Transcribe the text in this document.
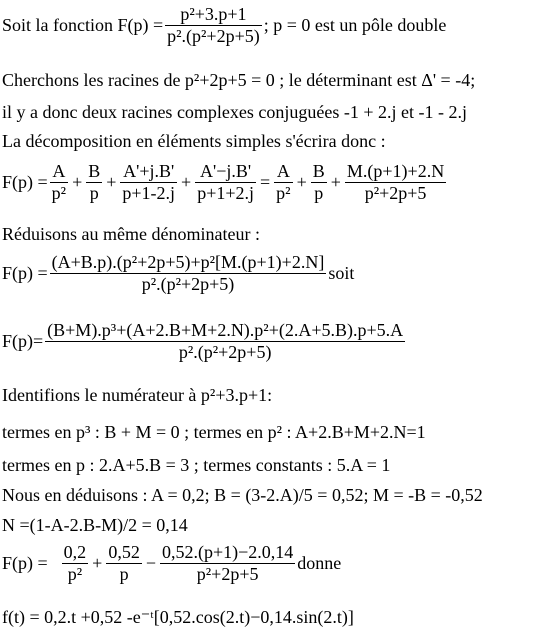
Soit la fonction $F(p) = \frac{\text{p²+3.p+1}}{\text{p².(p²+2p+5)}}$ ; p = 0 est un pôle double
Cherchons les racines de p²+2p+5 = 0 ; le déterminant est Δ' = -4;
il y a donc deux racines complexes conjuguées -1 + 2.j et -1 - 2.j
La décomposition en éléments simples s'écrira donc :
$F(p) = \frac{A}{\text{p²}} + \frac{B}{p} + \frac{A'+j.B'}{p+1-2.j} + \frac{A'-j.B'}{p+1+2.j} = \frac{A}{\text{p²}} + \frac{B}{p} + \frac{M.(p+1)+2.N}{\text{p²+2p+5}}$
Réduisons au même dénominateur :
$F(p) = \frac{\text{(A+B.p).(p²+2p+5)+p²[M.(p+1)+2.N]}}{\text{p².(p²+2p+5)}}$ soit
$F(p)= \frac{\text{(B+M).p³+(A+2.B+M+2.N).p²+(2.A+5.B).p+5.A}}{\text{p².(p²+2p+5)}}$
Identifions le numérateur à p²+3.p+1:
termes en p³ : B + M = 0 ; termes en p² : A+2.B+M+2.N=1
termes en p : 2.A+5.B = 3 ; termes constants : 5.A = 1
Nous en déduisons : A = 0,2; B = (3-2.A)/5 = 0,52; M = -B = -0,52
N =(1-A-2.B-M)/2 = 0,14
$F(p) = \frac{0,2}{\text{p²}} + \frac{0,52}{p} - \frac{0,52.(p+1)-2.0,14}{\text{p²+2p+5}}$ donne
f(t) = 0,2.t +0,52 -e⁻ᵗ[0,52.cos(2.t)−0,14.sin(2.t)]
